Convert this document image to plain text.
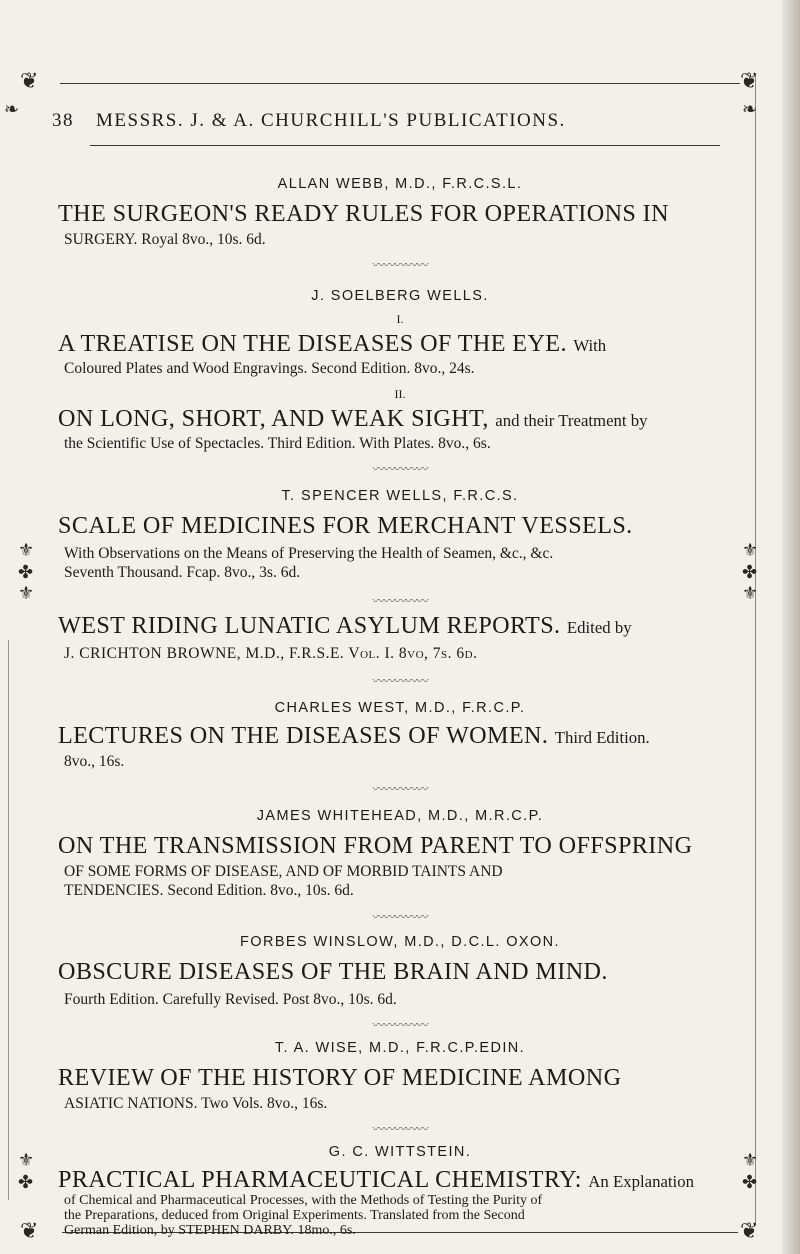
❦	❦
❦	❦
❧	❧
⚜
✤
⚜
⚜
✤
⚜
⚜
✤
⚜
✤
38 MESSRS. J. & A. CHURCHILL'S PUBLICATIONS.
ALLAN WEBB, M.D., F.R.C.S.L.
THE SURGEON'S READY RULES FOR OPERATIONS IN
SURGERY. Royal 8vo., 10s. 6d.
〰〰〰〰〰
J. SOELBERG WELLS.
I.
A TREATISE ON THE DISEASES OF THE EYE. With
Coloured Plates and Wood Engravings. Second Edition. 8vo., 24s.
II.
ON LONG, SHORT, AND WEAK SIGHT, and their Treatment by
the Scientific Use of Spectacles. Third Edition. With Plates. 8vo., 6s.
〰〰〰〰〰
T. SPENCER WELLS, F.R.C.S.
SCALE OF MEDICINES FOR MERCHANT VESSELS.
With Observations on the Means of Preserving the Health of Seamen, &c., &c.
Seventh Thousand. Fcap. 8vo., 3s. 6d.
〰〰〰〰〰
WEST RIDING LUNATIC ASYLUM REPORTS. Edited by
J. CRICHTON BROWNE, M.D., F.R.S.E. Vol. I. 8vo, 7s. 6d.
〰〰〰〰〰
CHARLES WEST, M.D., F.R.C.P.
LECTURES ON THE DISEASES OF WOMEN. Third Edition.
8vo., 16s.
〰〰〰〰〰
JAMES WHITEHEAD, M.D., M.R.C.P.
ON THE TRANSMISSION FROM PARENT TO OFFSPRING
OF SOME FORMS OF DISEASE, AND OF MORBID TAINTS AND
TENDENCIES. Second Edition. 8vo., 10s. 6d.
〰〰〰〰〰
FORBES WINSLOW, M.D., D.C.L. OXON.
OBSCURE DISEASES OF THE BRAIN AND MIND.
Fourth Edition. Carefully Revised. Post 8vo., 10s. 6d.
〰〰〰〰〰
T. A. WISE, M.D., F.R.C.P.EDIN.
REVIEW OF THE HISTORY OF MEDICINE AMONG
ASIATIC NATIONS. Two Vols. 8vo., 16s.
〰〰〰〰〰
G. C. WITTSTEIN.
PRACTICAL PHARMACEUTICAL CHEMISTRY: An Explanation
of Chemical and Pharmaceutical Processes, with the Methods of Testing the Purity of
the Preparations, deduced from Original Experiments. Translated from the Second
German Edition, by STEPHEN DARBY. 18mo., 6s.
